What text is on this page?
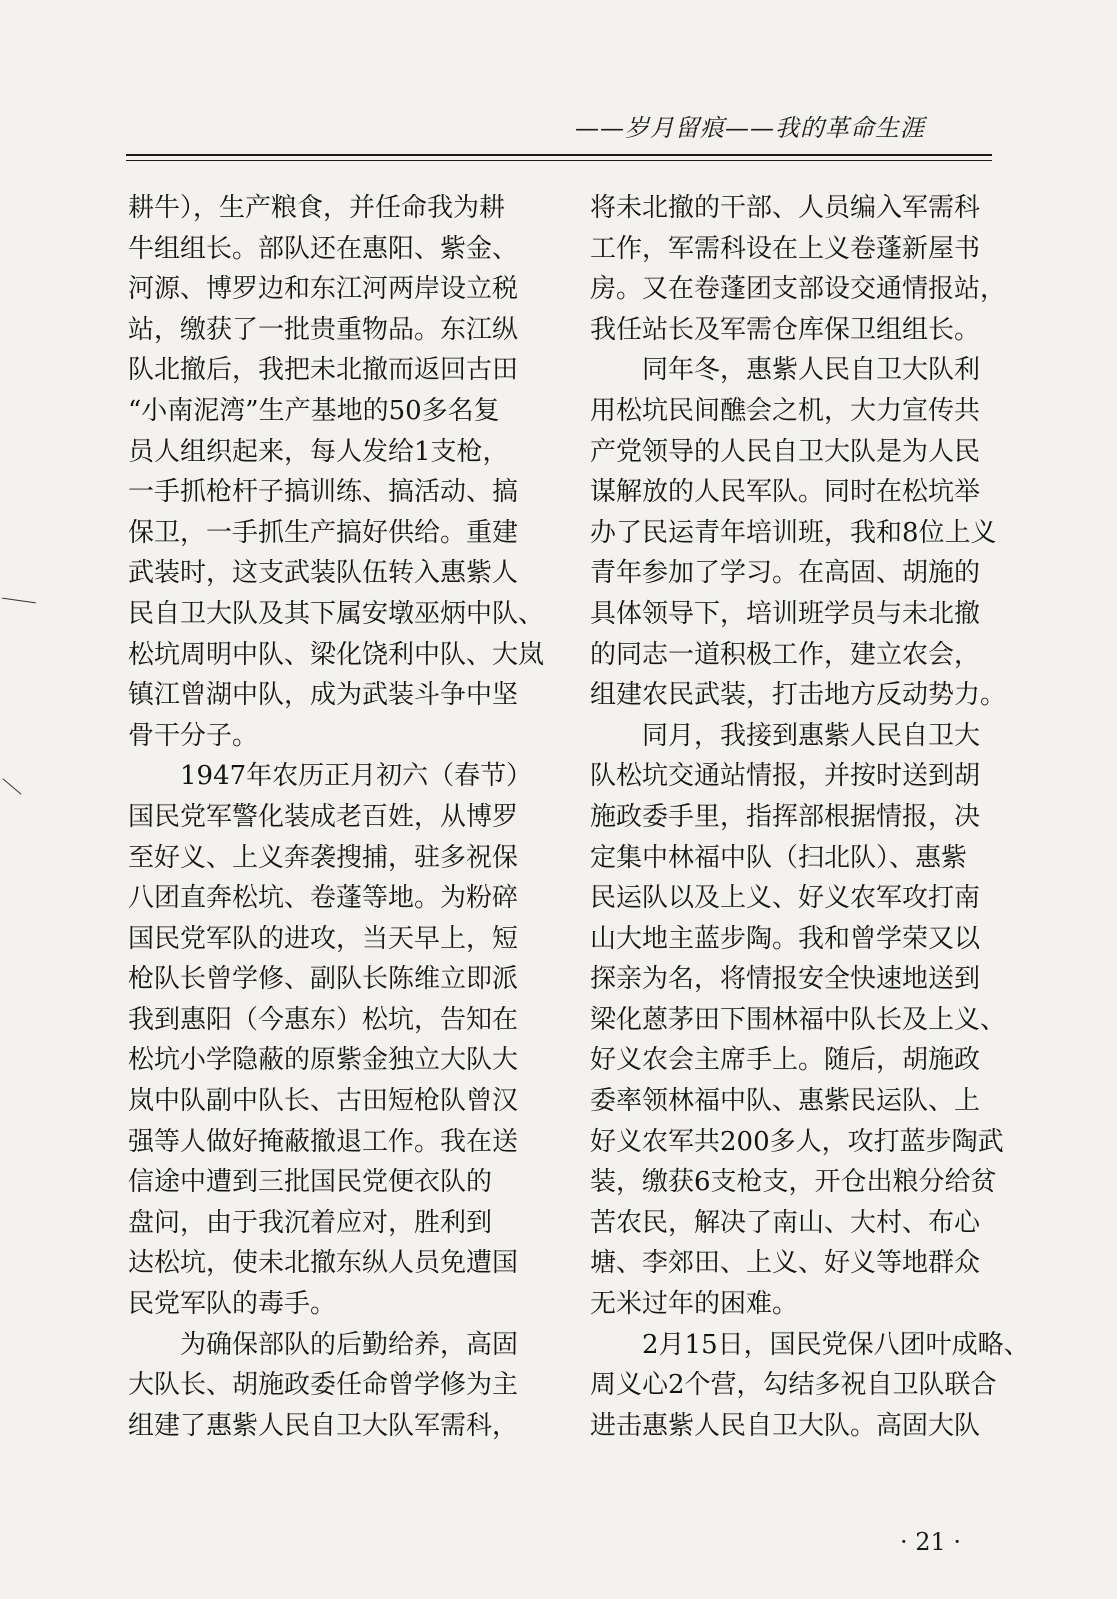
——岁月留痕——我的革命生涯
耕牛），生产粮食，并任命我为耕
牛组组长。部队还在惠阳、紫金、
河源、博罗边和东江河两岸设立税
站，缴获了一批贵重物品。东江纵
队北撤后，我把未北撤而返回古田
“小南泥湾”生产基地的50多名复
员人组织起来，每人发给1支枪，
一手抓枪杆子搞训练、搞活动、搞
保卫，一手抓生产搞好供给。重建
武装时，这支武装队伍转入惠紫人
民自卫大队及其下属安墩巫炳中队、
松坑周明中队、梁化饶利中队、大岚
镇江曾湖中队，成为武装斗争中坚
骨干分子。
　　1947年农历正月初六（春节）
国民党军警化装成老百姓，从博罗
至好义、上义奔袭搜捕，驻多祝保
八团直奔松坑、卷蓬等地。为粉碎
国民党军队的进攻，当天早上，短
枪队长曾学修、副队长陈维立即派
我到惠阳（今惠东）松坑，告知在
松坑小学隐蔽的原紫金独立大队大
岚中队副中队长、古田短枪队曾汉
强等人做好掩蔽撤退工作。我在送
信途中遭到三批国民党便衣队的
盘问，由于我沉着应对，胜利到
达松坑，使未北撤东纵人员免遭国
民党军队的毒手。
　　为确保部队的后勤给养，高固
大队长、胡施政委任命曾学修为主
组建了惠紫人民自卫大队军需科，
将未北撤的干部、人员编入军需科
工作，军需科设在上义卷蓬新屋书
房。又在卷蓬团支部设交通情报站，
我任站长及军需仓库保卫组组长。
　　同年冬，惠紫人民自卫大队利
用松坑民间醮会之机，大力宣传共
产党领导的人民自卫大队是为人民
谋解放的人民军队。同时在松坑举
办了民运青年培训班，我和8位上义
青年参加了学习。在高固、胡施的
具体领导下，培训班学员与未北撤
的同志一道积极工作，建立农会，
组建农民武装，打击地方反动势力。
　　同月，我接到惠紫人民自卫大
队松坑交通站情报，并按时送到胡
施政委手里，指挥部根据情报，决
定集中林福中队（扫北队）、惠紫
民运队以及上义、好义农军攻打南
山大地主蓝步陶。我和曾学荣又以
探亲为名，将情报安全快速地送到
梁化蒽茅田下围林福中队长及上义、
好义农会主席手上。随后，胡施政
委率领林福中队、惠紫民运队、上
好义农军共200多人，攻打蓝步陶武
装，缴获6支枪支，开仓出粮分给贫
苦农民，解决了南山、大村、布心
塘、李郊田、上义、好义等地群众
无米过年的困难。
　　2月15日，国民党保八团叶成略、
周义心2个营，勾结多祝自卫队联合
进击惠紫人民自卫大队。高固大队
· 21 ·
